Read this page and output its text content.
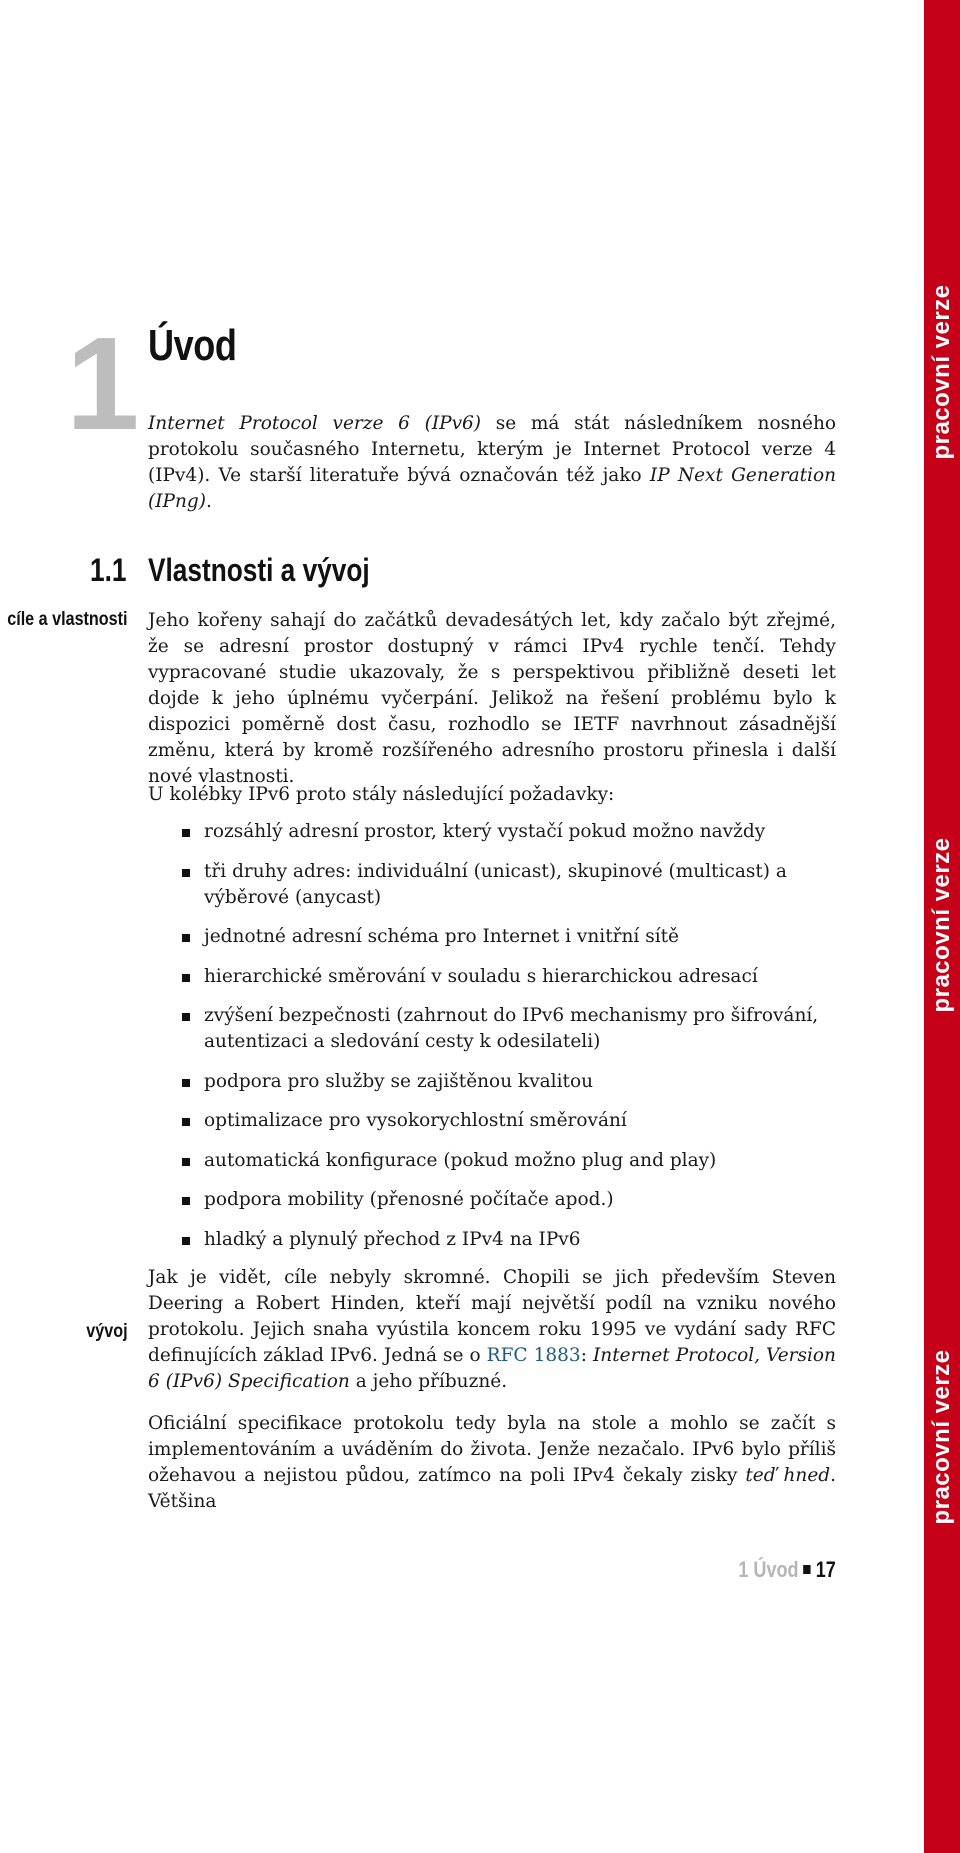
pracovní verze
pracovní verze
pracovní verze
1 Úvod

Internet Protocol verze 6 (IPv6) se má stát následníkem nosného protokolu současného Internetu, kterým je Internet Protocol verze 4 (IPv4). Ve starší literatuře bývá označován též jako IP Next Generation (IPng).

1.1 Vlastnosti a vývoj
cíle a vlastnosti Jeho kořeny sahají do začátků devadesátých let, kdy začalo být zřejmé, že se adresní prostor dostupný v rámci IPv4 rychle tenčí. Tehdy vypracované studie ukazovaly, že s perspektivou přibližně deseti let dojde k jeho úplnému vyčerpání. Jelikož na řešení problému bylo k dispozici poměrně dost času, rozhodlo se IETF navrhnout zásadnější změnu, která by kromě rozšířeného adresního prostoru přinesla i další nové vlastnosti.

U kolébky IPv6 proto stály následující požadavky:

rozsáhlý adresní prostor, který vystačí pokud možno navždy
tři druhy adres: individuální (unicast), skupinové (multicast) a výběrové (anycast)
jednotné adresní schéma pro Internet i vnitřní sítě
hierarchické směrování v souladu s hierarchickou adresací
zvýšení bezpečnosti (zahrnout do IPv6 mechanismy pro šifrování, autentizaci a sledování cesty k odesilateli)
podpora pro služby se zajištěnou kvalitou
optimalizace pro vysokorychlostní směrování
automatická konfigurace (pokud možno plug and play)
podpora mobility (přenosné počítače apod.)
hladký a plynulý přechod z IPv4 na IPv6
vývoj

Jak je vidět, cíle nebyly skromné. Chopili se jich především Steven Deering a Robert Hinden, kteří mají největší podíl na vzniku nového protokolu. Jejich snaha vyústila koncem roku 1995 ve vydání sady RFC definujících základ IPv6. Jedná se o RFC 1883: Internet Protocol, Version 6 (IPv6) Specification a jeho příbuzné.

Oficiální specifikace protokolu tedy byla na stole a mohlo se začít s implementováním a uváděním do života. Jenže nezačalo. IPv6 bylo příliš ožehavou a nejistou půdou, zatímco na poli IPv4 čekaly zisky teď hned. Většina

1 Úvod 17
